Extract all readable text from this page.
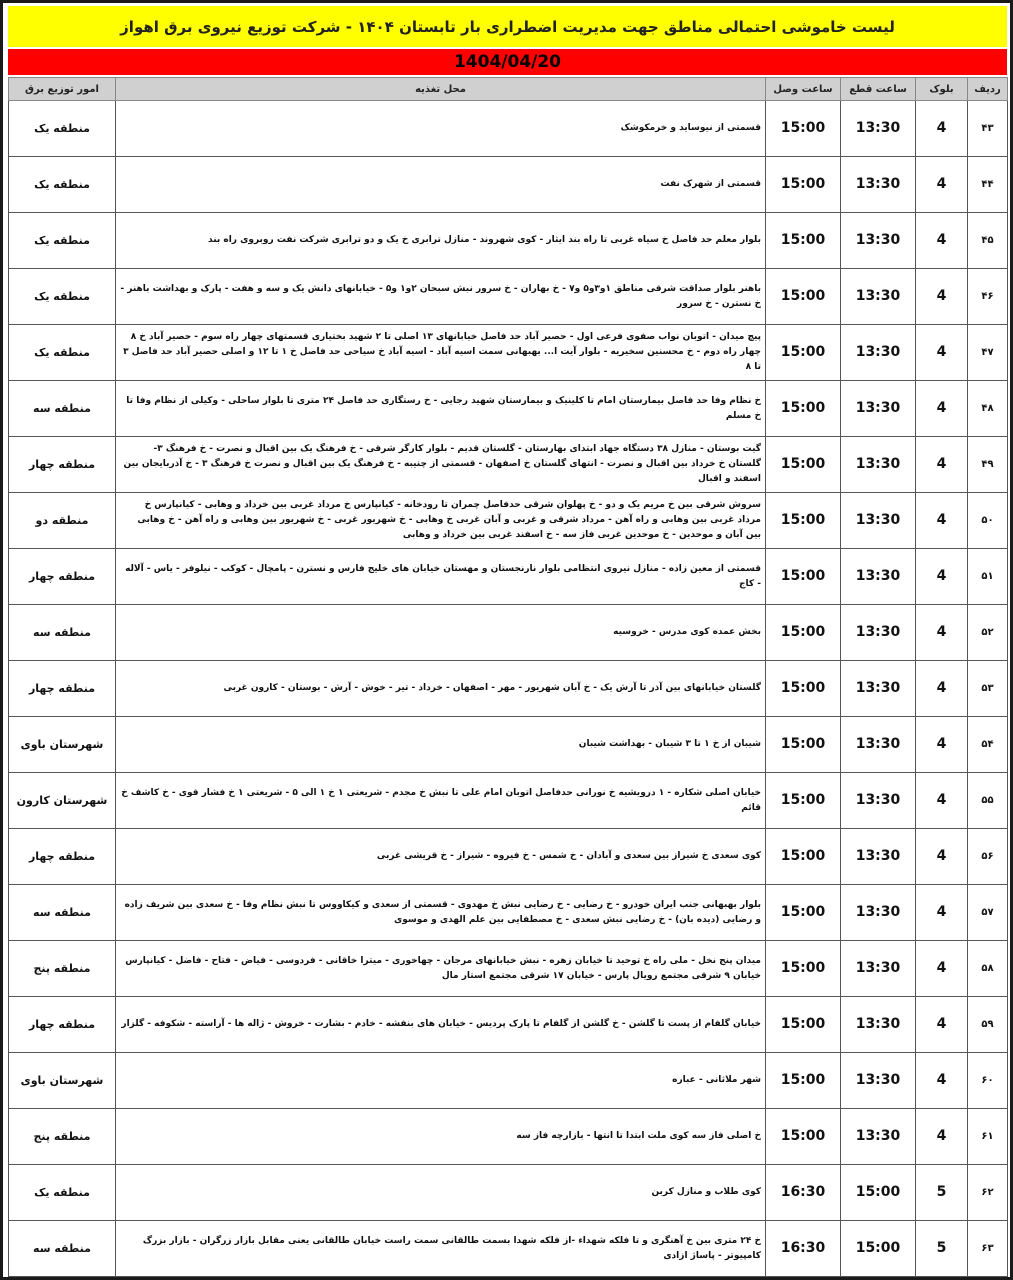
لیست خاموشی احتمالی مناطق جهت مدیریت اضطراری بار تابستان ۱۴۰۴ - شرکت توزیع نیروی برق اهواز
1404/04/20
ردیف	بلوک	ساعت قطع	ساعت وصل	محل تغذیه	امور توزیع برق
۴۳	4	13:30	15:00	قسمتی از نیوساید و خرمکوشک	منطقه یک
۴۴	4	13:30	15:00	قسمتی از شهرک نفت	منطقه یک
۴۵	4	13:30	15:00	بلوار معلم حد فاصل خ سیاه غربی تا راه بند ایثار - کوی شهروند - منازل ترابری خ یک و دو ترابری شرکت نفت روبروی راه بند	منطقه یک
۴۶	4	13:30	15:00	باهنر بلوار صداقت شرقی مناطق ۱و۳و۵ و۷ - خ بهاران - خ سرور نبش سبحان ۲و۱ و۵ - خیابانهای دانش یک و سه و هفت - پارک و بهداشت باهنر - خ نسترن - خ سرور	منطقه یک
۴۷	4	13:30	15:00	پیچ میدان - اتوبان نواب صفوی فرعی اول - حصیر آباد حد فاصل خیابانهای ۱۳ اصلی تا ۲ شهید بختیاری قسمتهای چهار راه سوم - حصیر آباد خ ۸ چهار راه دوم - خ محسنین سخیریه - بلوار آیت ا... بهبهانی سمت اسیه آباد - اسیه آباد خ سیاحی حد فاصل خ ۱ تا ۱۲ و اصلی حصیر آباد حد فاصل ۳ تا ۸	منطقه یک
۴۸	4	13:30	15:00	خ نظام وفا حد فاصل بیمارستان امام تا کلینیک و بیمارستان شهید رجایی - خ رستگاری حد فاصل ۲۴ متری تا بلوار ساحلی - وکیلی از نظام وفا تا خ مسلم	منطقه سه
۴۹	4	13:30	15:00	گیت بوستان - منازل ۳۸ دستگاه جهاد ابتدای بهارستان - گلستان قدیم - بلوار کارگر شرقی - خ فرهنگ یک بین اقبال و نصرت - خ فرهنگ ۳- گلستان خ خرداد بین اقبال و نصرت - انتهای گلستان خ اصفهان - قسمتی از چنیبه - خ فرهنگ یک بین اقبال و نصرت خ فرهنگ ۳ - خ آذربایجان بین اسفند و اقبال	منطقه چهار
۵۰	4	13:30	15:00	سروش شرقی بین خ مریم یک و دو - خ پهلوان شرقی حدفاصل چمران تا رودخانه - کیانپارس خ مرداد غربی بین خرداد و وهابی - کیانپارس خ مرداد غربی بین وهابی و راه آهن - مرداد شرقی و غربی و آبان غربی خ وهابی - خ شهریور غربی - خ شهریور بین وهابی و راه آهن - خ وهابی بین آبان و موحدین - خ موحدین غربی فاز سه - خ اسفند غربی بین خرداد و وهابی	منطقه دو
۵۱	4	13:30	15:00	قسمتی از معین زاده - منازل نیروی انتظامی بلوار نارنجستان و مهستان خیابان های خلیج فارس و نسترن - پامچال - کوکب - نیلوفر - یاس - آلاله - کاج	منطقه چهار
۵۲	4	13:30	15:00	بخش عمده کوی مدرس - خروسیه	منطقه سه
۵۳	4	13:30	15:00	گلستان خیابانهای بین آذر تا آرش یک - خ آبان شهریور - مهر - اصفهان - خرداد - تیر - خوش - آرش - بوستان - کارون غربی	منطقه چهار
۵۴	4	13:30	15:00	شیبان از خ ۱ تا ۳ شیبان - بهداشت شیبان	شهرستان باوی
۵۵	4	13:30	15:00	خیابان اصلی شکاره - ۱ درویشیه خ نورانی حدفاصل اتوبان امام علی تا نبش خ مجدم - شریعتی ۱ خ ۱ الی ۵ - شریعتی ۱ خ فشار قوی - خ کاشف خ قائم	شهرستان کارون
۵۶	4	13:30	15:00	کوی سعدی خ شیراز بین سعدی و آبادان - خ شمس - خ فیروه - شیراز - خ قریشی غربی	منطقه چهار
۵۷	4	13:30	15:00	بلوار بهبهانی جنب ایران خودرو - خ رضایی - خ رضایی نبش خ مهدوی - قسمتی از سعدی و کیکاووس تا نبش نظام وفا - خ سعدی بین شریف زاده و رضایی (دیده بان) - خ رضایی نبش سعدی - خ مصطفایی بین علم الهدی و موسوی	منطقه سه
۵۸	4	13:30	15:00	میدان پنج نخل - ملی راه خ توحید تا خیابان زهره - نبش خیابانهای مرجان - چهاخوری - میترا خاقانی - فردوسی - فیاض - فتاح - فاضل - کیانپارس خیابان ۹ شرقی مجتمع رویال پارس - خیابان ۱۷ شرقی مجتمع استار مال	منطقه پنج
۵۹	4	13:30	15:00	خیابان گلفام از پست تا گلشن - خ گلشن از گلفام تا پارک پردیس - خیابان های بنفشه - خادم - بشارت - خروش - ژاله ها - آراسته - شکوفه - گلزار	منطقه چهار
۶۰	4	13:30	15:00	شهر ملاثانی - عباره	شهرستان باوی
۶۱	4	13:30	15:00	خ اصلی فاز سه کوی ملت ابتدا تا انتها - بازارچه فاز سه	منطقه پنج
۶۲	5	15:00	16:30	کوی طلاب و منازل کربن	منطقه یک
۶۳	5	15:00	16:30	خ ۲۴ متری بین خ آهنگری و تا فلکه شهداء -از فلکه شهدا بسمت طالقانی سمت راست خیابان طالقانی یعنی مقابل بازار زرگران - بازار بزرگ کامپیوتر - پاساژ ازادی	منطقه سه
